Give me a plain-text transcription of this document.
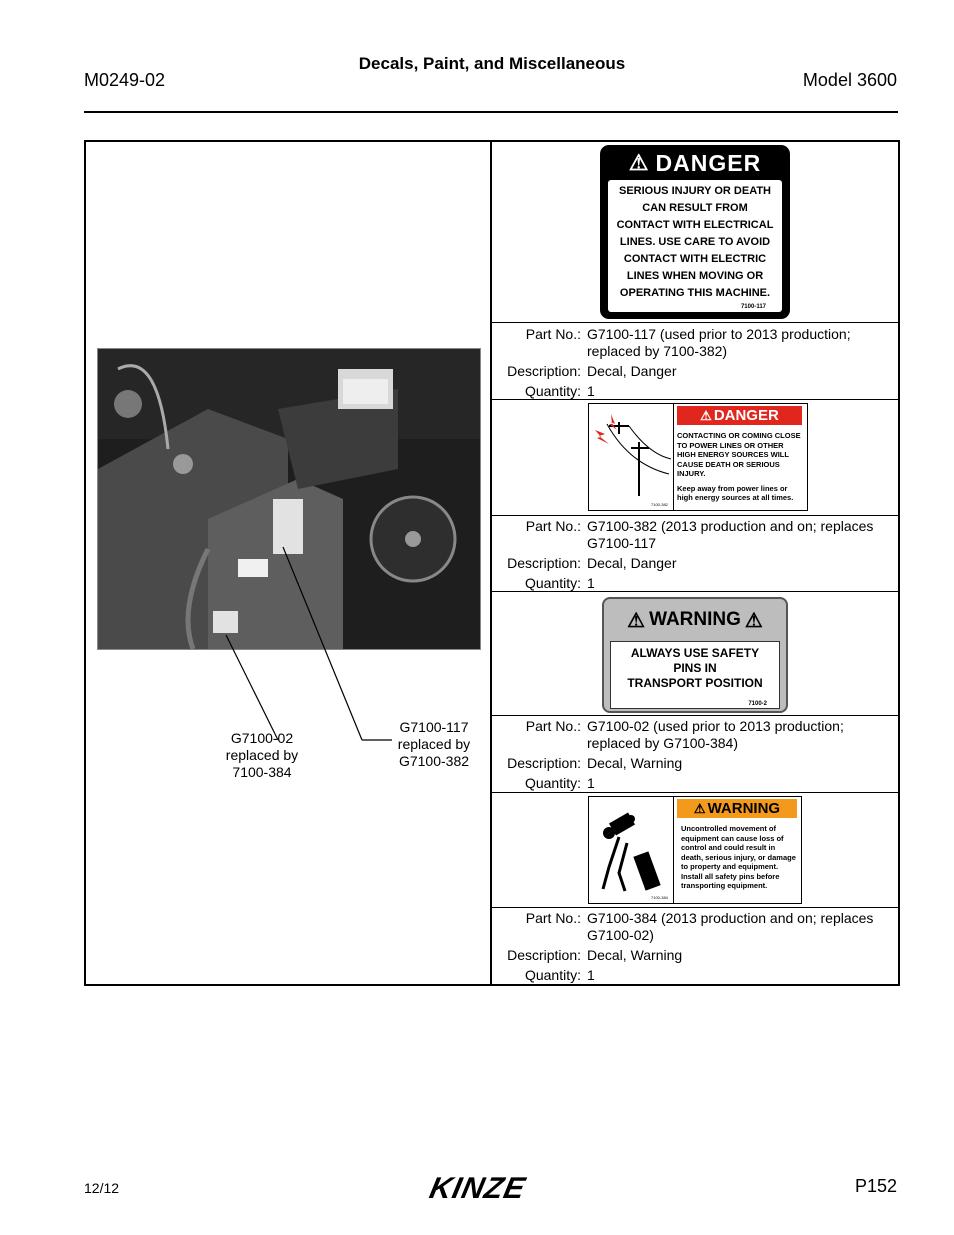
M0249-02
Decals, Paint, and Miscellaneous
Model 3600
G7100-02
replaced by
7100-384
G7100-117
replaced by
G7100-382
⚠ DANGER
SERIOUS INJURY OR DEATH
CAN RESULT FROM
CONTACT WITH ELECTRICAL
LINES. USE CARE TO AVOID
CONTACT WITH ELECTRIC
LINES WHEN MOVING OR
OPERATING THIS MACHINE.
7100-117
Part No.: G7100-117 (used prior to 2013 production; replaced by 7100-382)
Description: Decal, Danger
Quantity: 1
7100-382
⚠ DANGER
CONTACTING OR COMING CLOSE TO POWER LINES OR OTHER HIGH ENERGY SOURCES WILL CAUSE DEATH OR SERIOUS INJURY.
Keep away from power lines or high energy sources at all times.
Part No.: G7100-382 (2013 production and on; replaces G7100-117
Description: Decal, Danger
Quantity: 1
⚠ WARNING ⚠
ALWAYS USE SAFETY
PINS IN
TRANSPORT POSITION
7100-2
Part No.: G7100-02 (used prior to 2013 production; replaced by G7100-384)
Description: Decal, Warning
Quantity: 1
7100-384
⚠ WARNING
Uncontrolled movement of equipment can cause loss of control and could result in death, serious injury, or damage to property and equipment.
Install all safety pins before transporting equipment.
Part No.: G7100-384 (2013 production and on; replaces G7100-02)
Description: Decal, Warning
Quantity: 1
12/12	KINZE	P152
